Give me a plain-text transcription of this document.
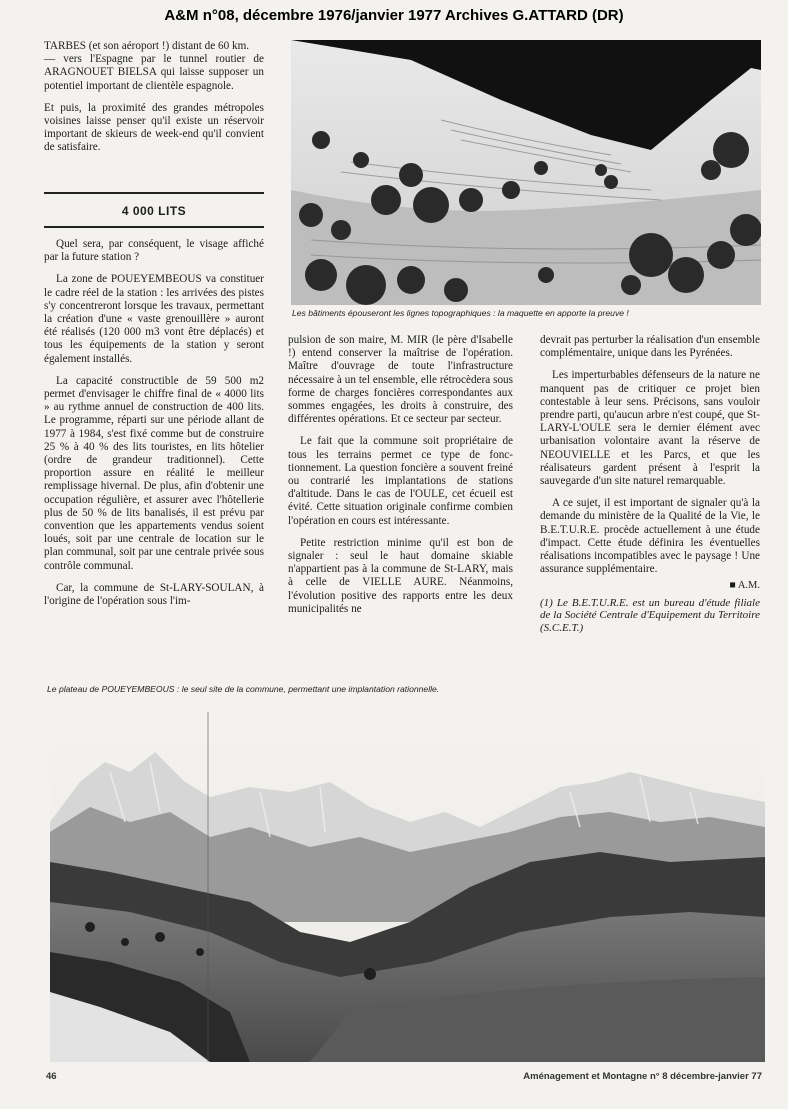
A&M n°08, décembre 1976/janvier 1977 Archives G.ATTARD (DR)

TARBES (et son aéroport !) distant de 60 km.

— vers l'Espagne par le tunnel routier de ARAGNOUET BIELSA qui laisse supposer un potentiel important de clientèle espagnole.

Et puis, la proximité des grandes métropoles voisines laisse penser qu'il existe un réservoir important de skieurs de week-end qu'il convient de satisfaire.

4 000 LITS

Quel sera, par conséquent, le visage affiché par la future station ?

La zone de POUEYEMBEOUS va constituer le cadre réel de la station : les arrivées des pistes s'y concentreront lorsque les travaux, permettant la création d'une « vaste grenouillère » auront été réalisés (120 000 m3 vont être déplacés) et tous les équipements de la station y seront également installés.

La capacité constructible de 59 500 m2 permet d'envisager le chiffre final de « 4000 lits » au rythme annuel de construction de 400 lits. Le programme, réparti sur une période allant de 1977 à 1984, s'est fixé comme but de construire 25 % à 40 % des lits touristes, en lits hôtelier (ordre de grandeur traditionnel). Cette proportion assure en réalité le meilleur remplissage hivernal. De plus, afin d'obtenir une occupation régulière, et assurer avec l'hôtellerie plus de 50 % de lits banalisés, il est prévu par convention que les appartements vendus soient loués, soit par une centrale de location sur le plan communal, soit par une centrale privée sous contrôle communal.

Car, la commune de St-LARY-SOULAN, à l'origine de l'opération sous l'im-

Les bâtiments épouseront les lignes topographiques : la maquette en apporte la preuve !

pulsion de son maire, M. MIR (le père d'Isabelle !) entend conserver la maîtrise de l'opération. Maître d'ouvrage de toute l'infrastructure nécessaire à un tel ensemble, elle rétrocèdera sous forme de charges foncières correspondantes aux sommes engagées, les droits à construire, des différentes opérations. Et ce secteur par secteur.

Le fait que la commune soit propriétaire de tous les terrains permet ce type de fonctionnement. La question foncière a souvent freiné ou contrarié les implantations de stations d'altitude. Dans le cas de l'OULE, cet écueil est évité. Cette situation originale confirme combien l'opération en cours est intéressante.

Petite restriction minime qu'il est bon de signaler : seul le haut domaine skiable n'appartient pas à la commune de St-LARY, mais à celle de VIELLE AURE. Néanmoins, l'évolution positive des rapports entre les deux municipalités ne

devrait pas perturber la réalisation d'un ensemble complémentaire, unique dans les Pyrénées.

Les imperturbables défenseurs de la nature ne manquent pas de critiquer ce projet bien contestable à leur sens. Précisons, sans vouloir prendre parti, qu'aucun arbre n'est coupé, que St-LARY-L'OULE sera le dernier élément avec urbanisation volontaire avant la réserve de NEOUVIELLE et les Parcs, et que les réalisateurs gardent présent à l'esprit la sauvegarde d'un site naturel remarquable.

A ce sujet, il est important de signaler qu'à la demande du ministère de la Qualité de la Vie, le B.E.T.U.R.E. procède actuellement à une étude d'impact. Cette étude définira les éventuelles réalisations incompatibles avec le paysage ! Une assurance supplémentaire.

■ A.M.
(1) Le B.E.T.U.R.E. est un bureau d'étude filiale de la Société Centrale d'Equipement du Territoire (S.C.E.T.)
Le plateau de POUEYEMBEOUS : le seul site de la commune, permettant une implantation rationnelle.
46	Aménagement et Montagne n° 8 décembre-janvier 77
